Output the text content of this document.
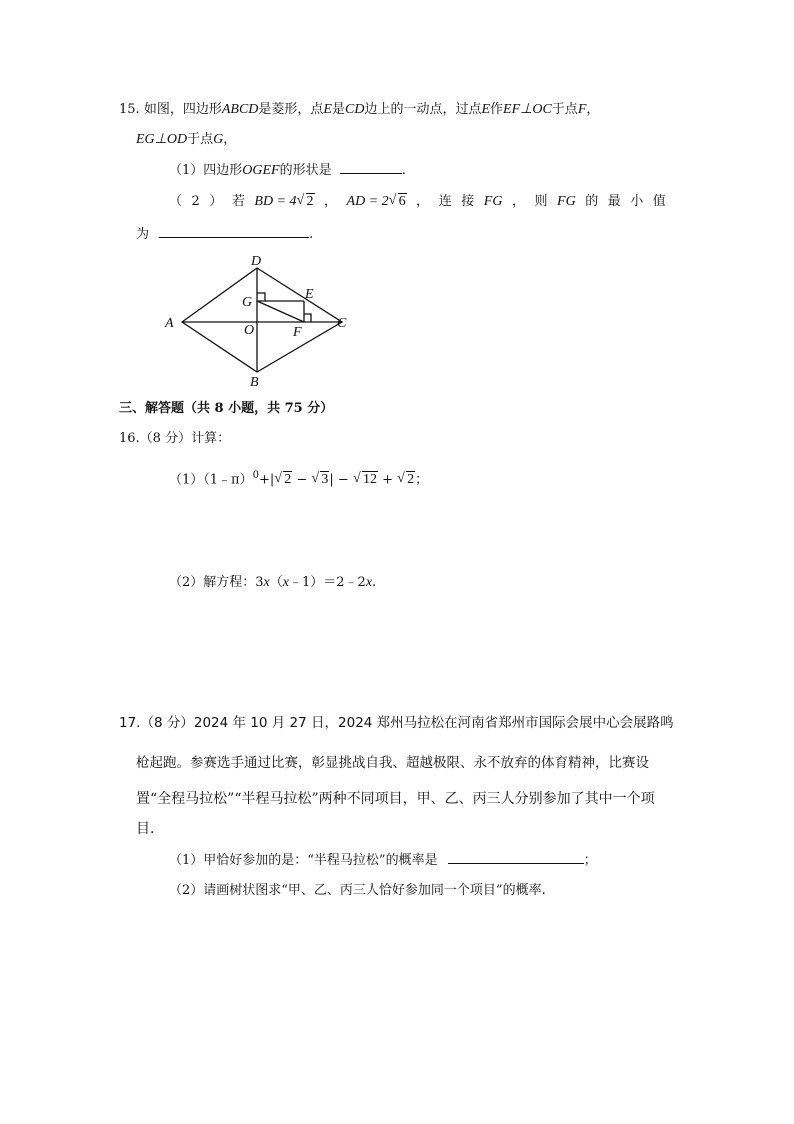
15. 如图，四边形ABCD是菱形，点E是CD边上的一动点，过点E作EF⊥OC于点F，
EG⊥OD于点G，
（1）四边形OGEF的形状是	.
（ 2 ） 若 BD = 4 √ 2 ， AD = 2 √ 6 ， 连 接 FG ， 则 FG 的 最 小 值
为	.
D
A	C
B
G
E
O	F
三、解答题（共 8 小题，共 75 分）
16.（8 分）计算：
（1）（1﹣π）$^0$+| √ 2 − √ 3| − √ 12 + √ 2；
（2）解方程：3x（x﹣1）＝2﹣2x.
17.（8 分）2024 年 10 月 27 日，2024 郑州马拉松在河南省郑州市国际会展中心会展路鸣
枪起跑。参赛选手通过比赛，彰显挑战自我、超越极限、永不放弃的体育精神，比赛设
置“全程马拉松”“半程马拉松”两种不同项目，甲、乙、丙三人分别参加了其中一个项
目.
（1）甲恰好参加的是：“半程马拉松”的概率是	；
（2）请画树状图求“甲、乙、丙三人恰好参加同一个项目”的概率.
